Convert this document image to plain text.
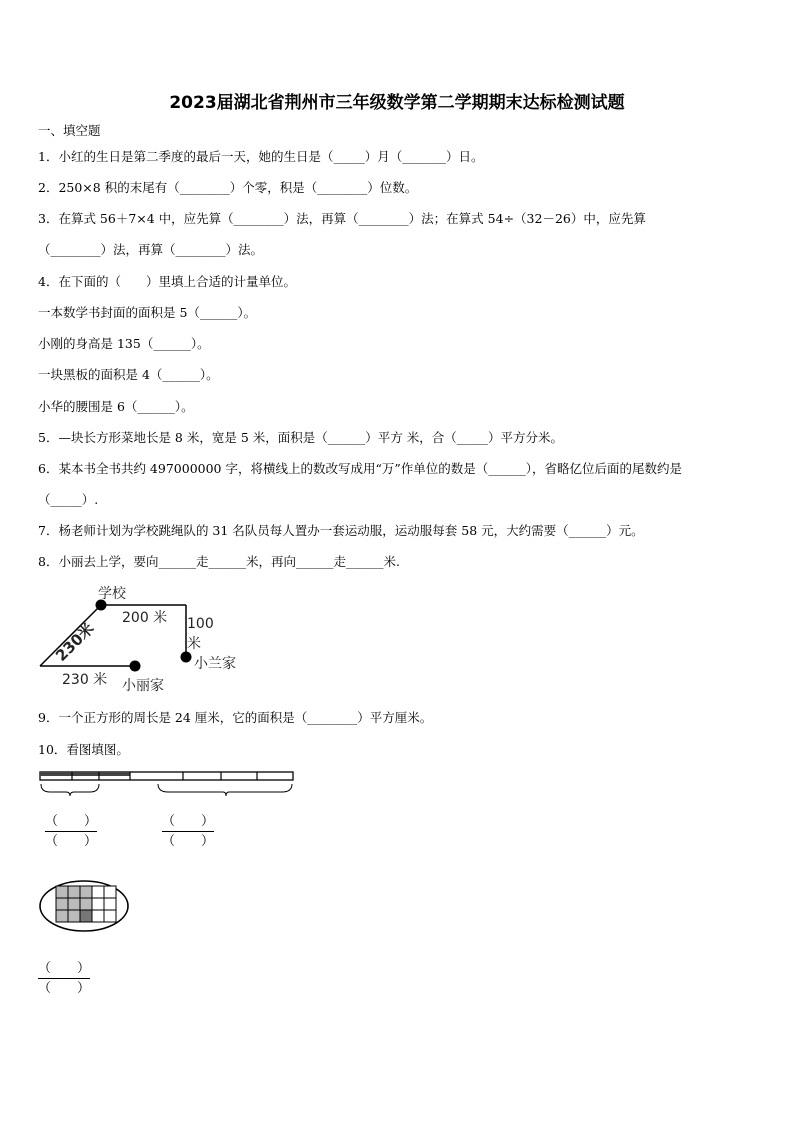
2023届湖北省荆州市三年级数学第二学期期末达标检测试题
一、填空题
1．小红的生日是第二季度的最后一天，她的生日是（_____）月（_______）日。
2．250×8 积的末尾有（________）个零，积是（________）位数。
3．在算式 56＋7×4 中，应先算（________）法，再算（________）法；在算式 54÷（32－26）中，应先算
（________）法，再算（________）法。
4．在下面的（　　）里填上合适的计量单位。
一本数学书封面的面积是 5（______）。
小刚的身高是 135（______）。
一块黑板的面积是 4（______）。
小华的腰围是 6（______）。
5．—块长方形菜地长是 8 米，宽是 5 米，面积是（______）平方 米，合（_____）平方分米。
6．某本书全书共约 497000000 字，将横线上的数改写成用“万”作单位的数是（______），省略亿位后面的尾数约是
（_____）.
7．杨老师计划为学校跳绳队的 31 名队员每人置办一套运动服，运动服每套 58 元，大约需要（______）元。
8．小丽去上学，要向______走______米，再向______走______米.
学校
200 米 100
米
小兰家
230米
230 米 小丽家
9．一个正方形的周长是 24 厘米，它的面积是（________）平方厘米。
10．看图填图。
（　　）
（　　）
（　　）
（　　）
（　　）
（　　）
